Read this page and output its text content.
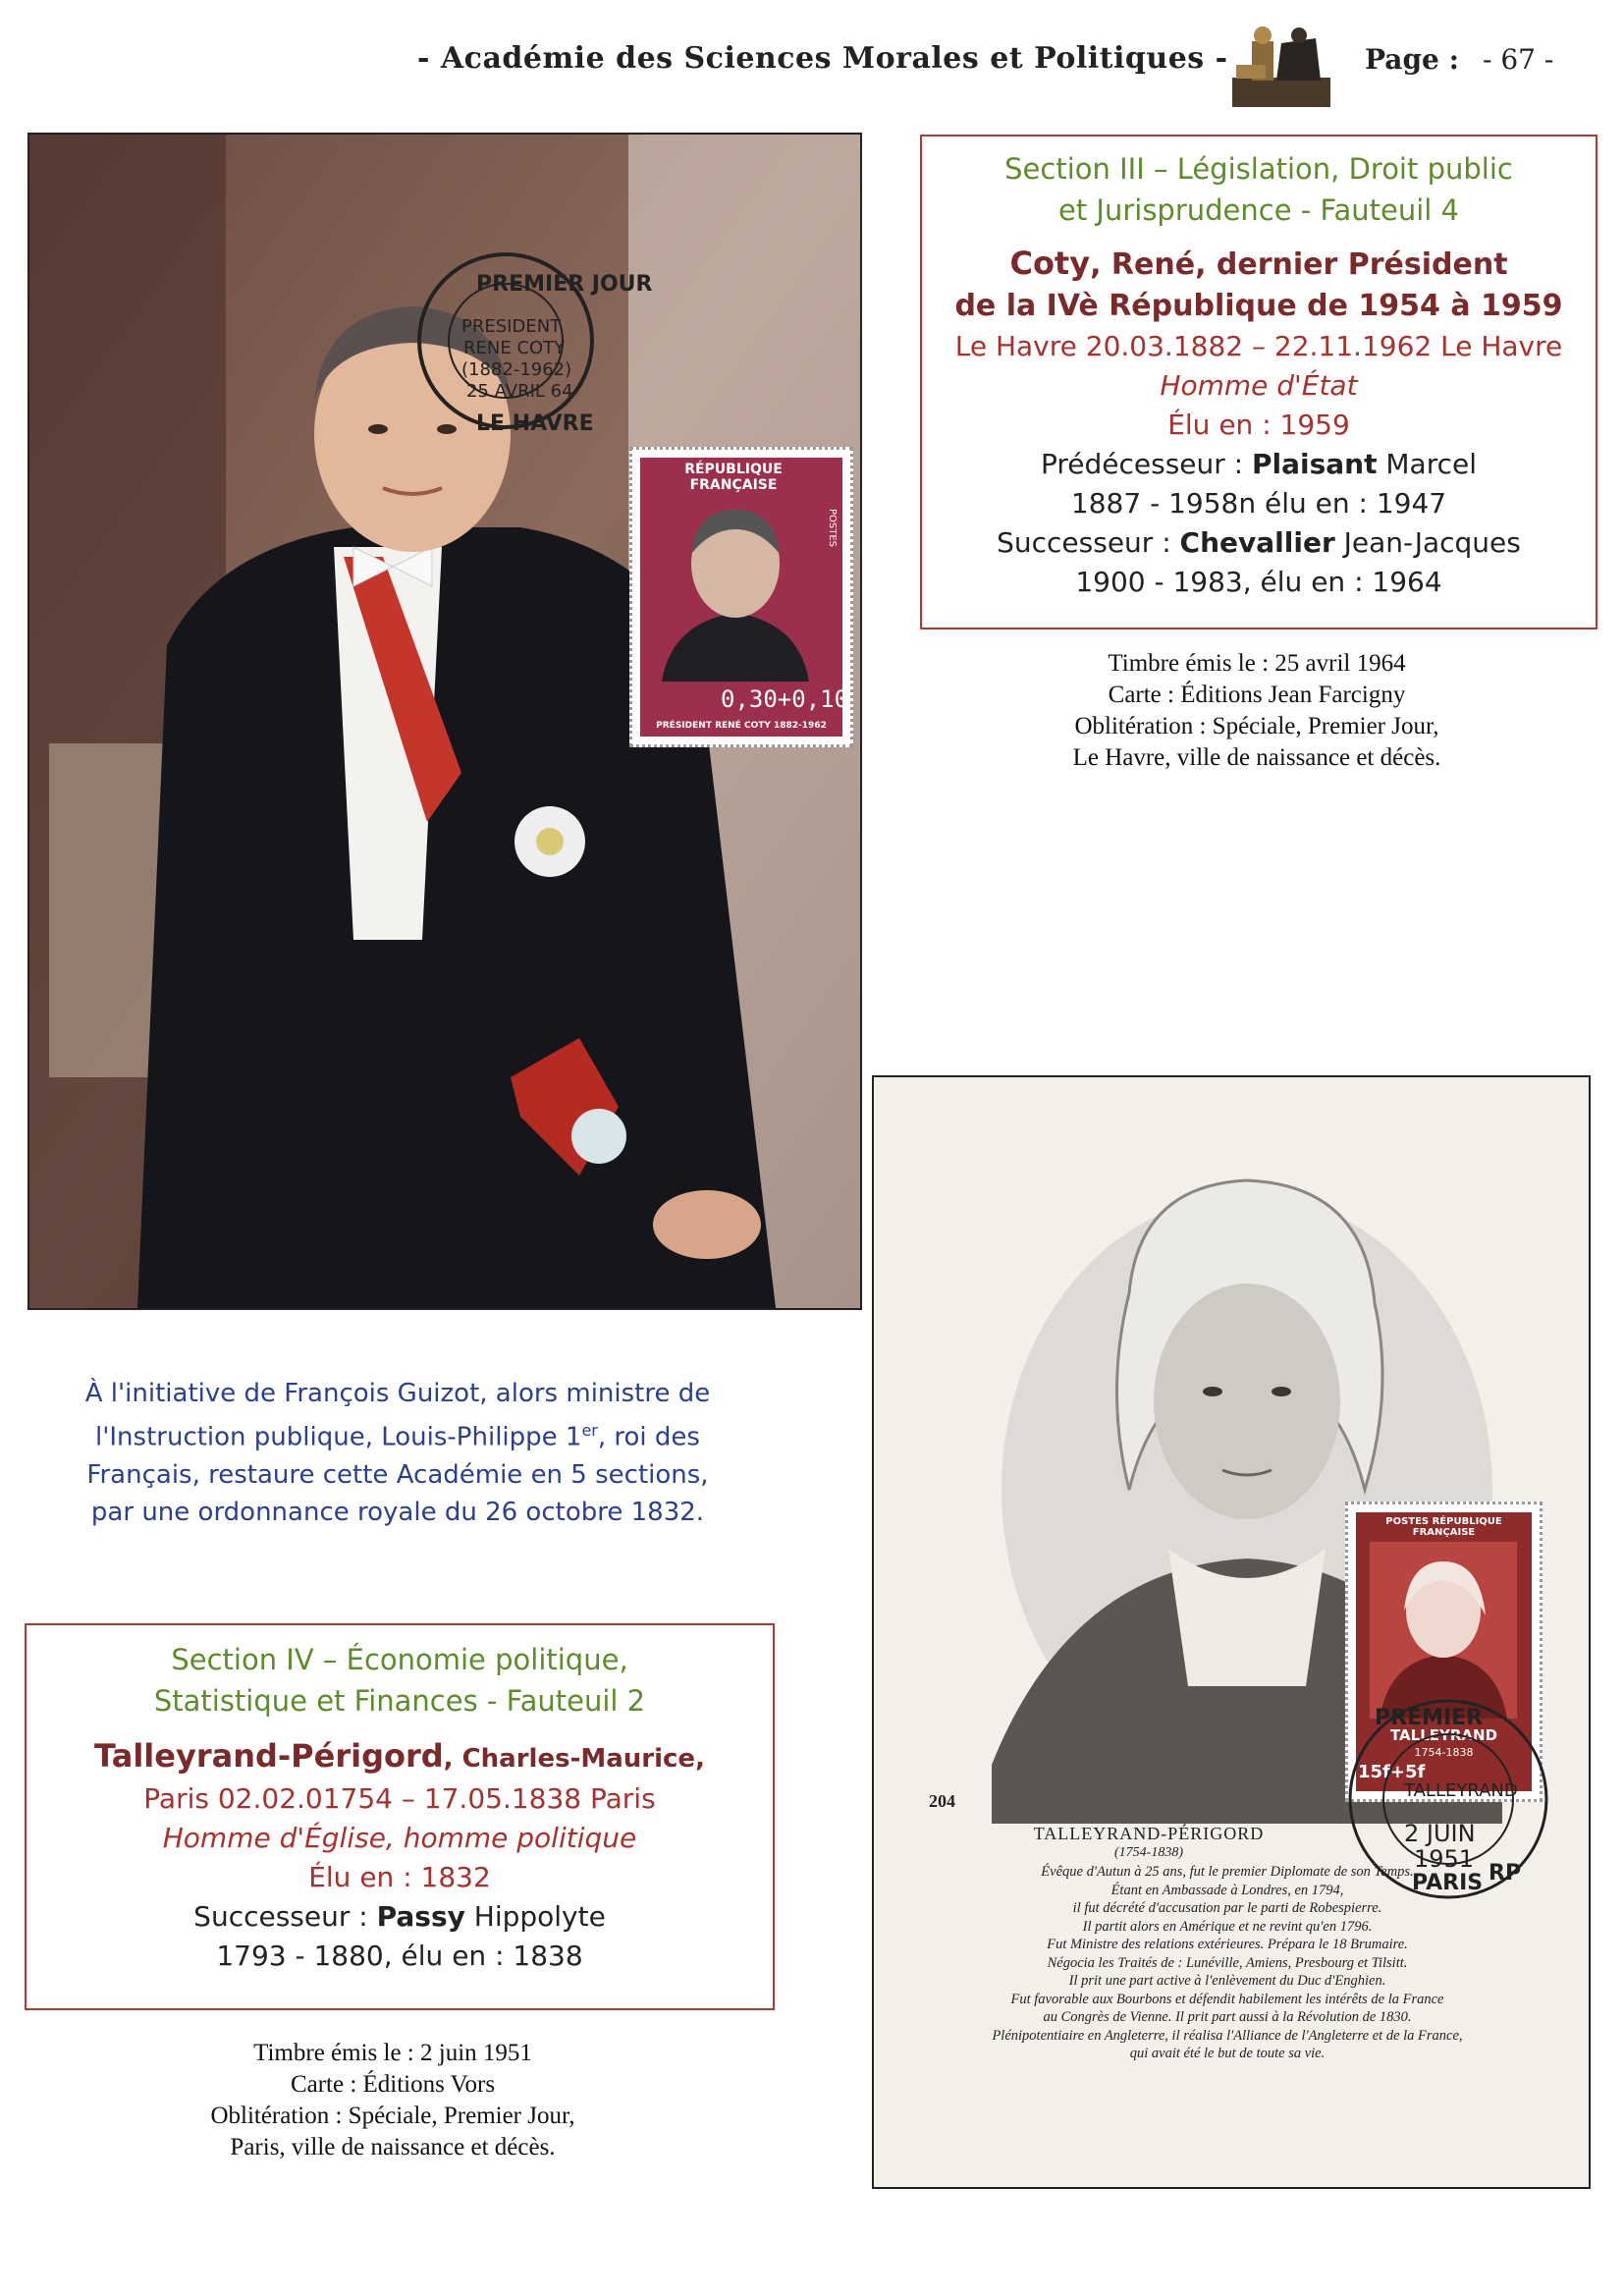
- Académie des Sciences Morales et Politiques -	Page : - 67 -
PREMIER JOUR
PRESIDENT
RENE COTY
(1882-1962)
25 AVRIL 64
LE HAVRE
RÉPUBLIQUE FRANÇAISE
POSTES
0,30+0,10
PRÉSIDENT RENÉ COTY 1882-1962
Section III – Législation, Droit public
et Jurisprudence - Fauteuil 4
Coty, René, dernier Président
de la IVè République de 1954 à 1959
Le Havre 20.03.1882 – 22.11.1962 Le Havre
Homme d'État
Élu en : 1959
Prédécesseur : Plaisant Marcel
1887 - 1958n élu en : 1947
Successeur : Chevallier Jean-Jacques
1900 - 1983, élu en : 1964
Timbre émis le : 25 avril 1964
Carte : Éditions Jean Farcigny
Oblitération : Spéciale, Premier Jour,
Le Havre, ville de naissance et décès.
À l'initiative de François Guizot, alors ministre de
l'Instruction publique, Louis-Philippe 1er, roi des
Français, restaure cette Académie en 5 sections,
par une ordonnance royale du 26 octobre 1832.	POSTES RÉPUBLIQUE FRANÇAISE
TALLEYRAND
1754-1838
15f+5f
PREMIER
TALLEYRAND
2 JUIN
1951
PARIS RP
204
TALLEYRAND-PÉRIGORD
(1754-1838)
Évêque d'Autun à 25 ans, fut le premier Diplomate de son Temps.
Étant en Ambassade à Londres, en 1794,
il fut décrété d'accusation par le parti de Robespierre.
Il partit alors en Amérique et ne revint qu'en 1796.
Fut Ministre des relations extérieures. Prépara le 18 Brumaire.
Négocia les Traités de : Lunéville, Amiens, Presbourg et Tilsitt.
Il prit une part active à l'enlèvement du Duc d'Enghien.
Fut favorable aux Bourbons et défendit habilement les intérêts de la France
au Congrès de Vienne. Il prit part aussi à la Révolution de 1830.
Plénipotentiaire en Angleterre, il réalisa l'Alliance de l'Angleterre et de la France,
qui avait été le but de toute sa vie.
Section IV – Économie politique,
Statistique et Finances - Fauteuil 2
Talleyrand-Périgord, Charles-Maurice,
Paris 02.02.01754 – 17.05.1838 Paris
Homme d'Église, homme politique
Élu en : 1832
Successeur : Passy Hippolyte
1793 - 1880, élu en : 1838
Timbre émis le : 2 juin 1951
Carte : Éditions Vors
Oblitération : Spéciale, Premier Jour,
Paris, ville de naissance et décès.
